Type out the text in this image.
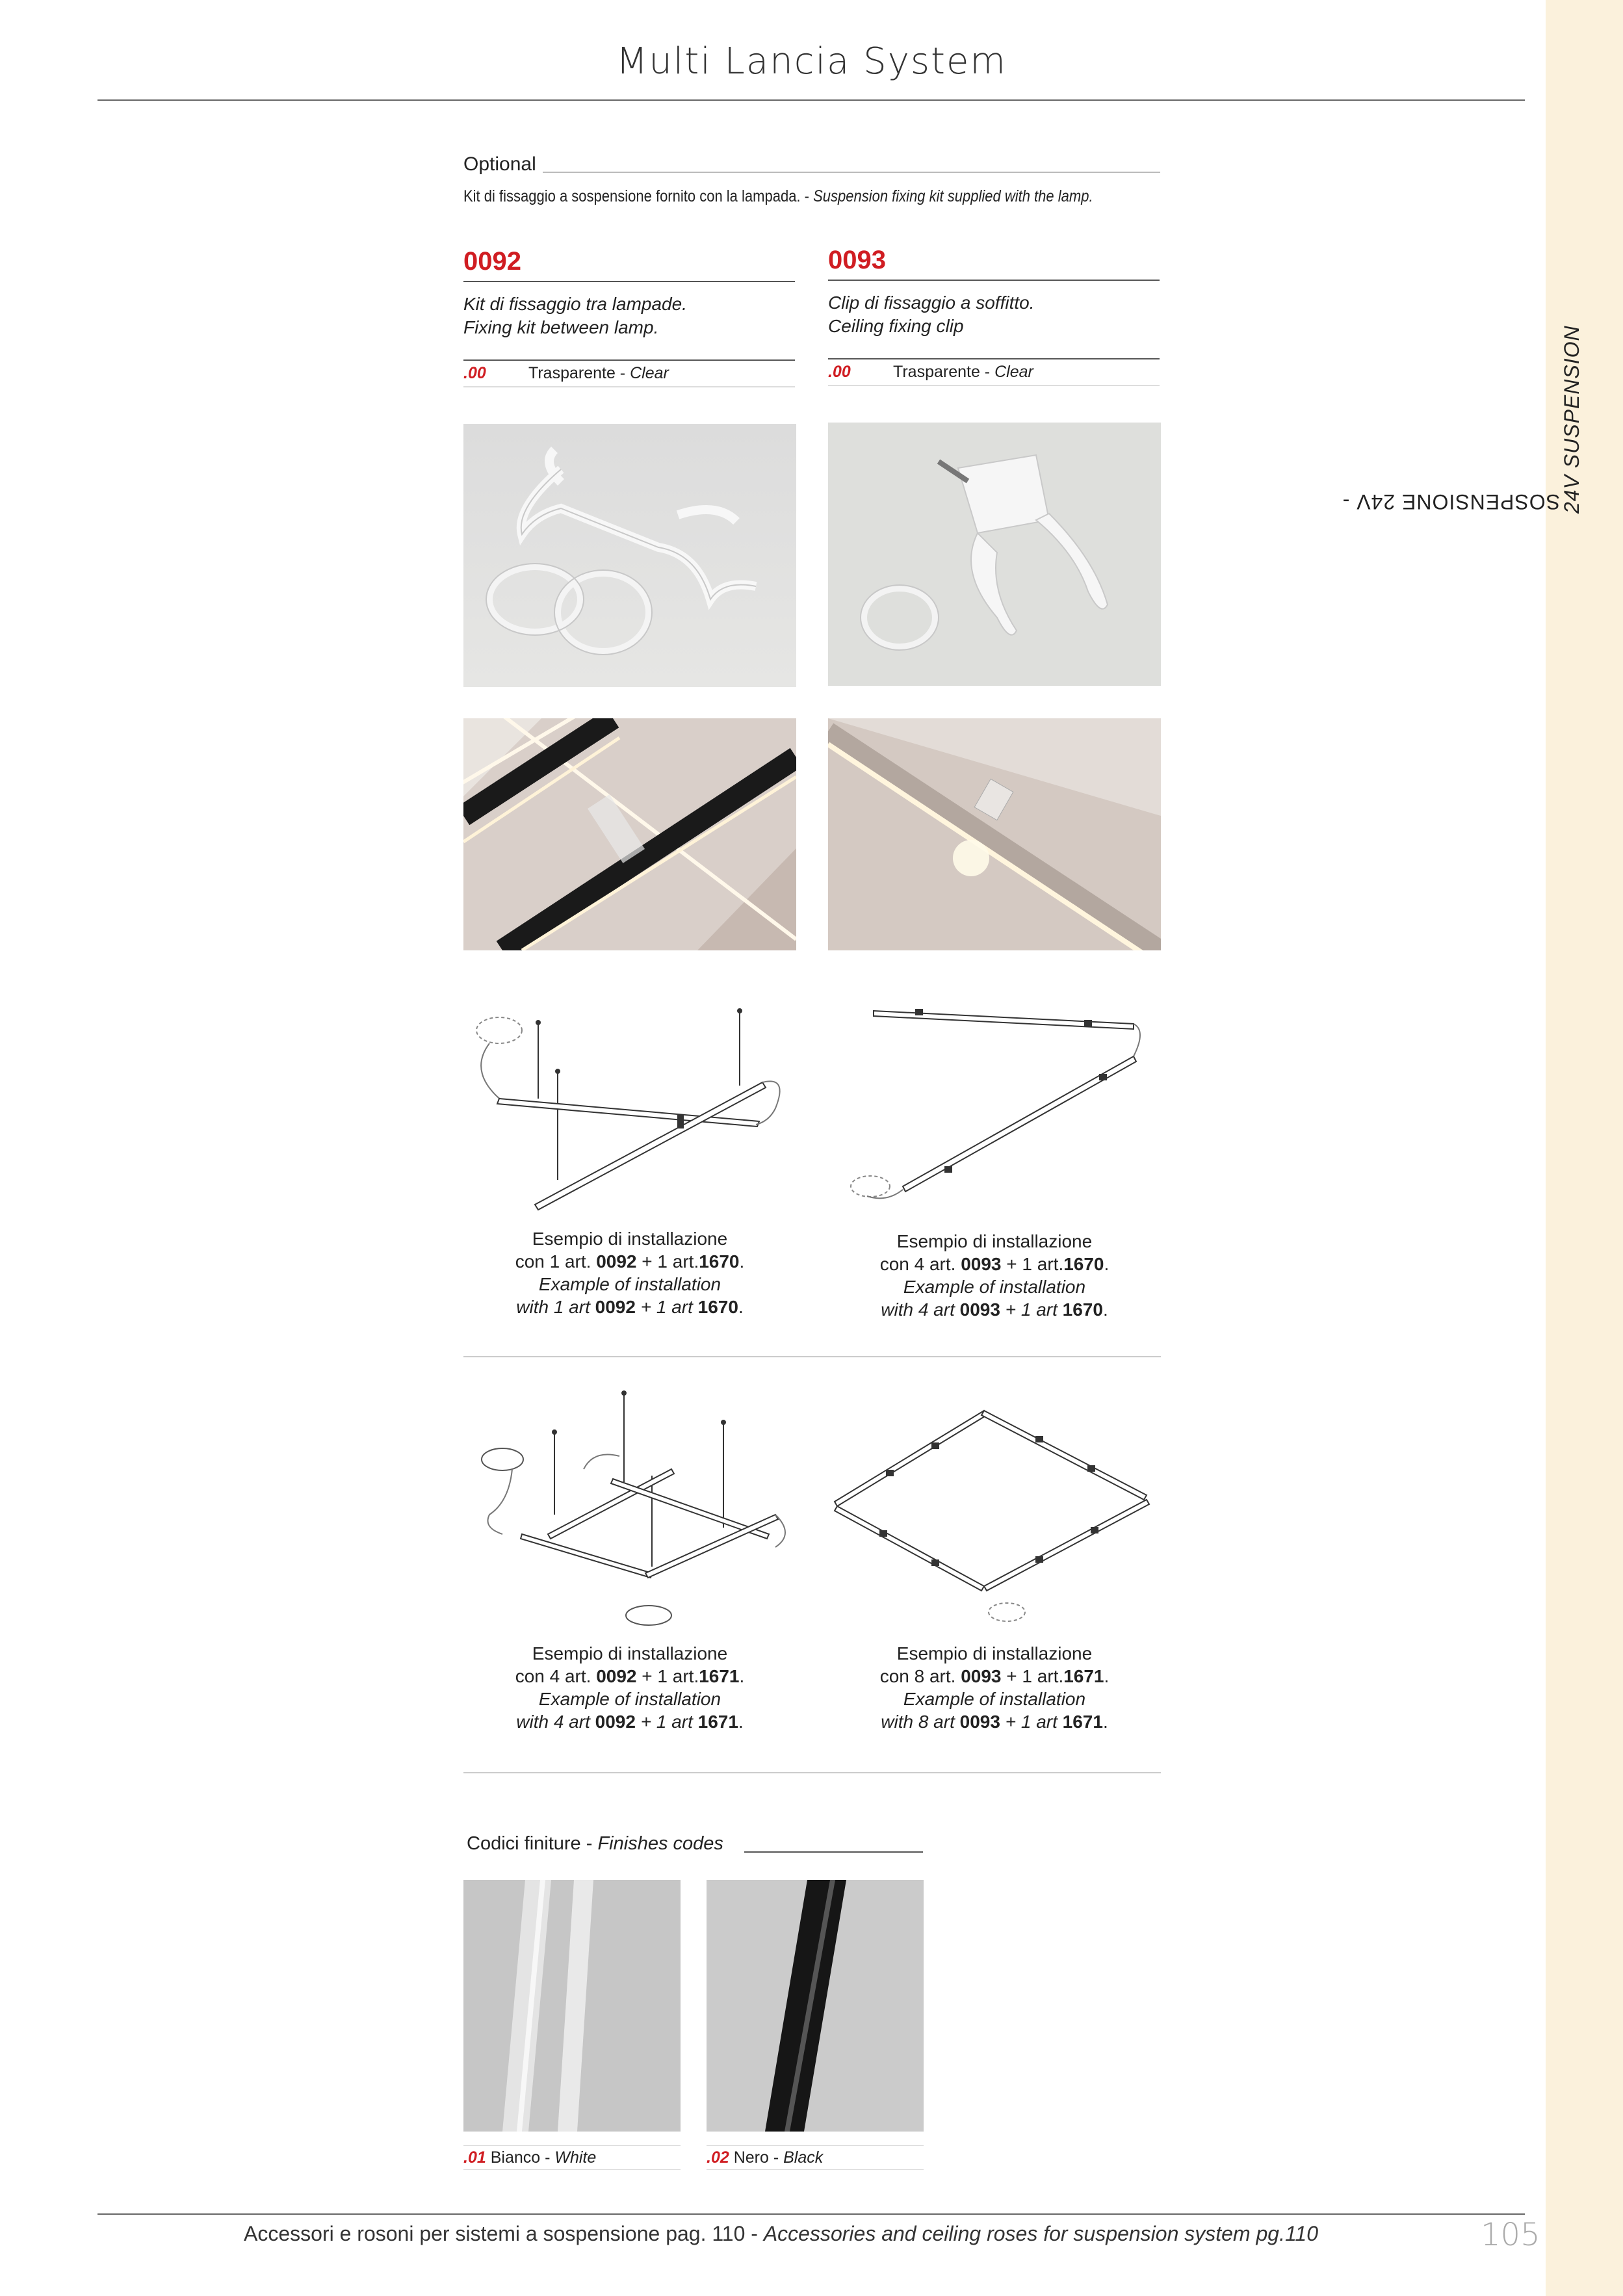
SOSPENSIONE 24V - 24V SUSPENSION
Multi Lancia System
Optional
Kit di fissaggio a sospensione fornito con la lampada. - Suspension fixing kit supplied with the lamp.
0092
Kit di fissaggio tra lampade.
Fixing kit between lamp.
.00	Trasparente - Clear
0093
Clip di fissaggio a soffitto.
Ceiling fixing clip
.00	Trasparente - Clear
Esempio di installazione
con 1 art. 0092 + 1 art.1670.
Example of installation
with 1 art 0092 + 1 art 1670.
Esempio di installazione
con 4 art. 0093 + 1 art.1670.
Example of installation
with 4 art 0093 + 1 art 1670.
Esempio di installazione
con 4 art. 0092 + 1 art.1671.
Example of installation
with 4 art 0092 + 1 art 1671.
Esempio di installazione
con 8 art. 0093 + 1 art.1671.
Example of installation
with 8 art 0093 + 1 art 1671.
Codici finiture - Finishes codes
.01 Bianco - White	.02 Nero - Black
Accessori e rosoni per sistemi a sospensione pag. 110 - Accessories and ceiling roses for suspension system pg.110	105
